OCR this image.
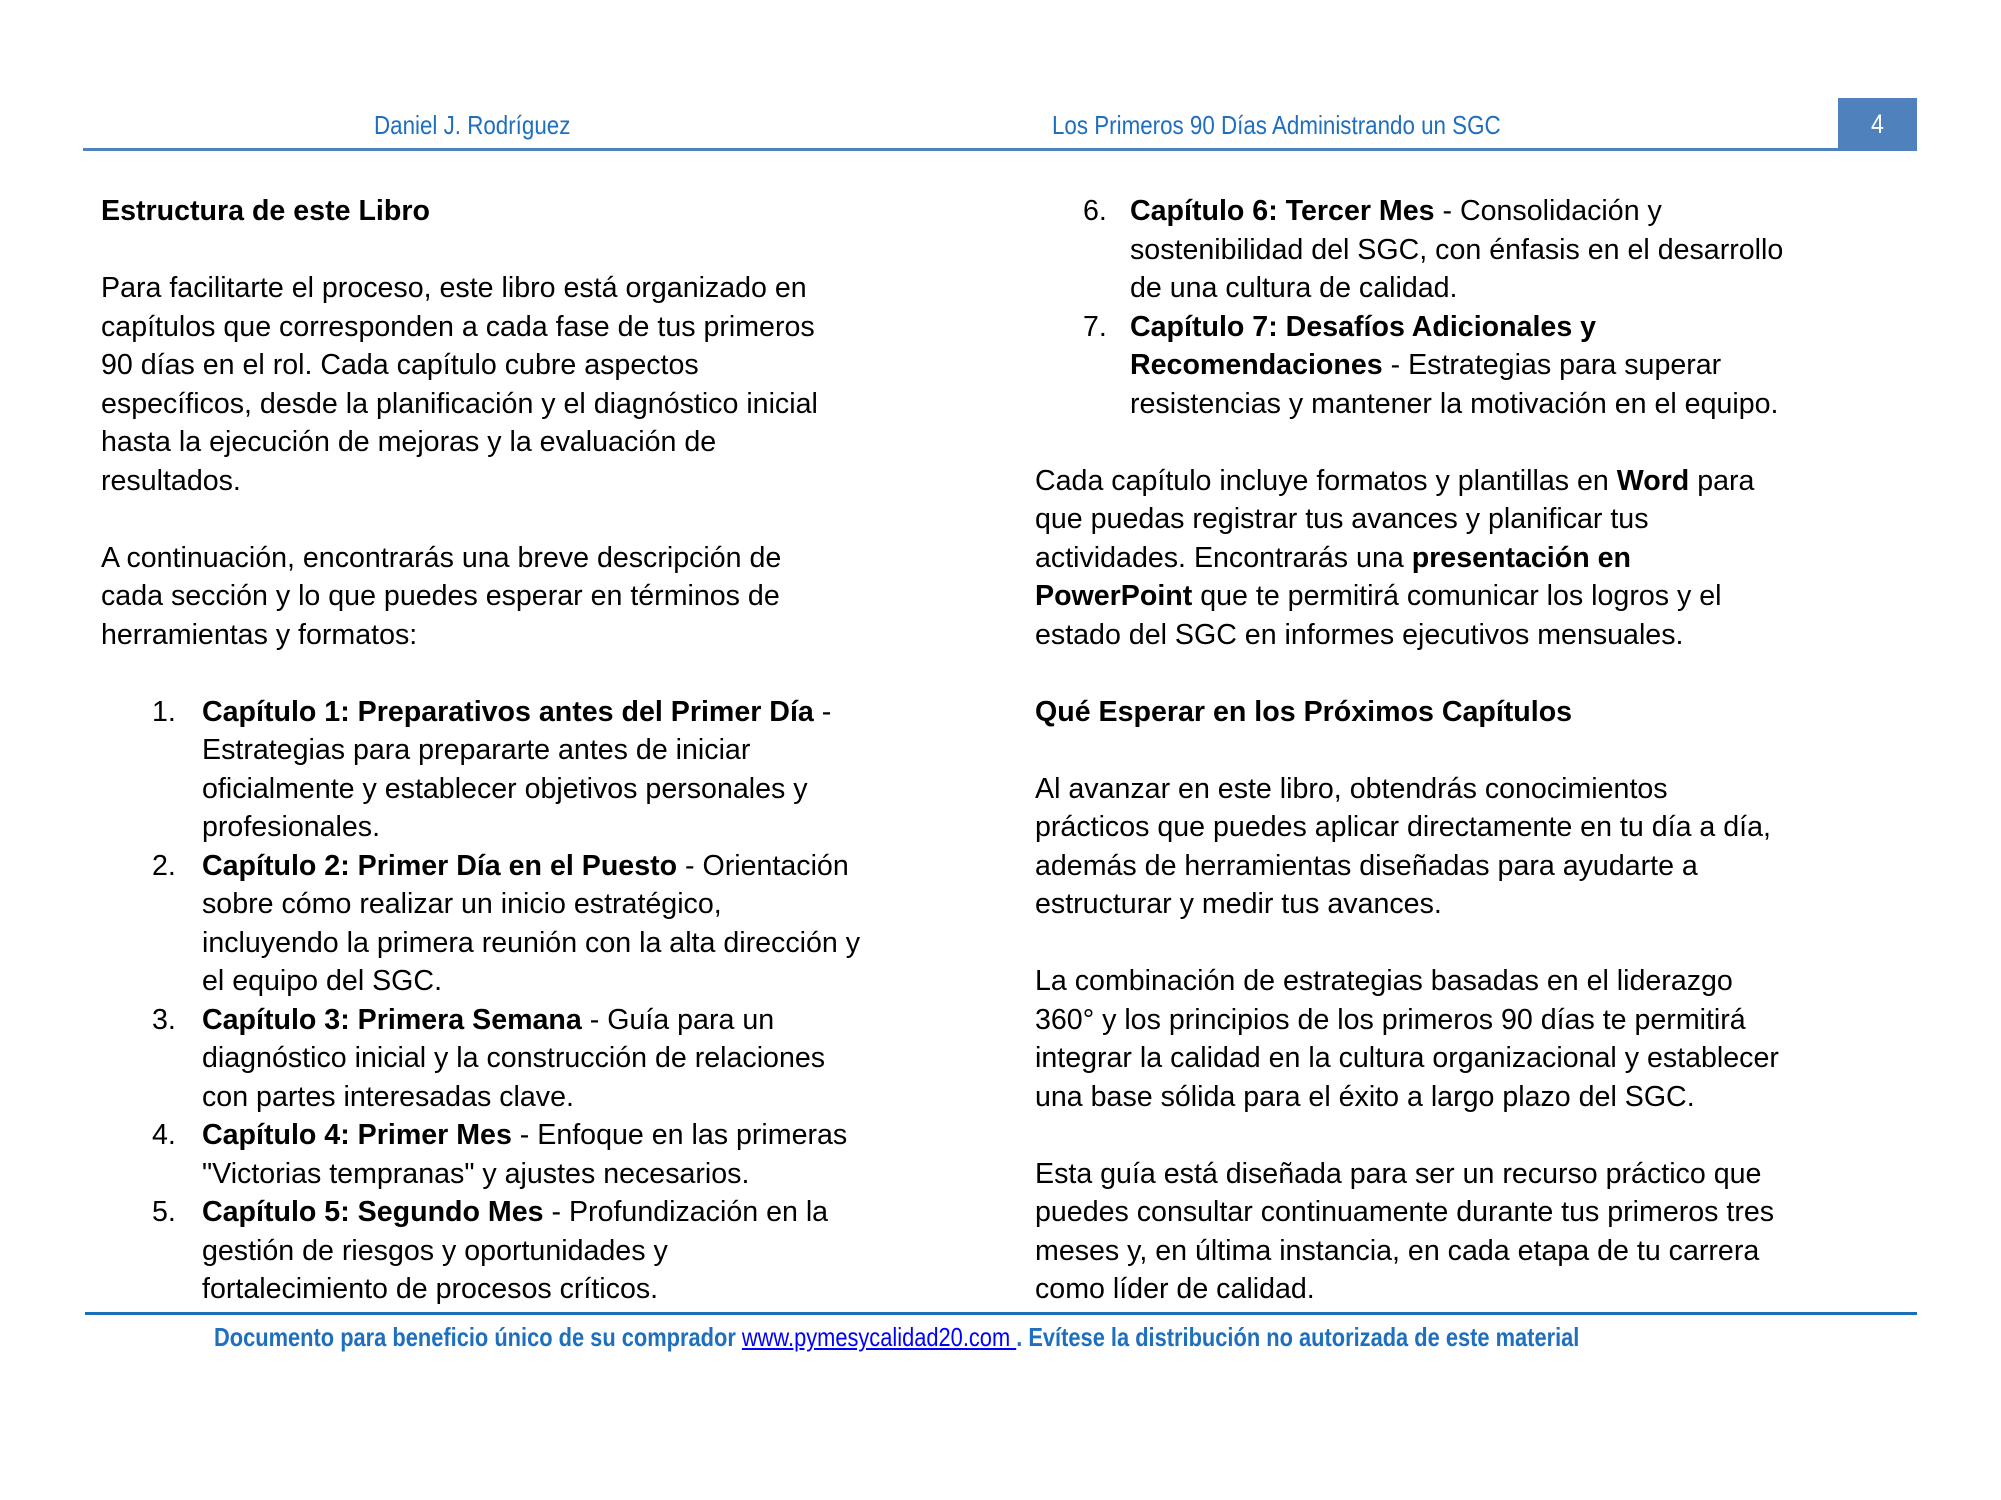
Daniel J. Rodríguez	Los Primeros 90 Días Administrando un SGC	4
Estructura de este Libro

Para facilitarte el proceso, este libro está organizado en
capítulos que corresponden a cada fase de tus primeros
90 días en el rol. Cada capítulo cubre aspectos
específicos, desde la planificación y el diagnóstico inicial
hasta la ejecución de mejoras y la evaluación de
resultados.

A continuación, encontrarás una breve descripción de
cada sección y lo que puedes esperar en términos de
herramientas y formatos:

1. Capítulo 1: Preparativos antes del Primer Día -
Estrategias para prepararte antes de iniciar
oficialmente y establecer objetivos personales y
profesionales.
2. Capítulo 2: Primer Día en el Puesto - Orientación
sobre cómo realizar un inicio estratégico,
incluyendo la primera reunión con la alta dirección y
el equipo del SGC.
3. Capítulo 3: Primera Semana - Guía para un
diagnóstico inicial y la construcción de relaciones
con partes interesadas clave.
4. Capítulo 4: Primer Mes - Enfoque en las primeras
"Victorias tempranas" y ajustes necesarios.
5. Capítulo 5: Segundo Mes - Profundización en la
gestión de riesgos y oportunidades y
fortalecimiento de procesos críticos.
6. Capítulo 6: Tercer Mes - Consolidación y
sostenibilidad del SGC, con énfasis en el desarrollo
de una cultura de calidad.
7. Capítulo 7: Desafíos Adicionales y
Recomendaciones - Estrategias para superar
resistencias y mantener la motivación en el equipo.

Cada capítulo incluye formatos y plantillas en Word para
que puedas registrar tus avances y planificar tus
actividades. Encontrarás una presentación en
PowerPoint que te permitirá comunicar los logros y el
estado del SGC en informes ejecutivos mensuales.

Qué Esperar en los Próximos Capítulos

Al avanzar en este libro, obtendrás conocimientos
prácticos que puedes aplicar directamente en tu día a día,
además de herramientas diseñadas para ayudarte a
estructurar y medir tus avances.

La combinación de estrategias basadas en el liderazgo
360° y los principios de los primeros 90 días te permitirá
integrar la calidad en la cultura organizacional y establecer
una base sólida para el éxito a largo plazo del SGC.

Esta guía está diseñada para ser un recurso práctico que
puedes consultar continuamente durante tus primeros tres
meses y, en última instancia, en cada etapa de tu carrera
como líder de calidad.

Documento para beneficio único de su comprador www.pymesycalidad20.com . Evítese la distribución no autorizada de este material
